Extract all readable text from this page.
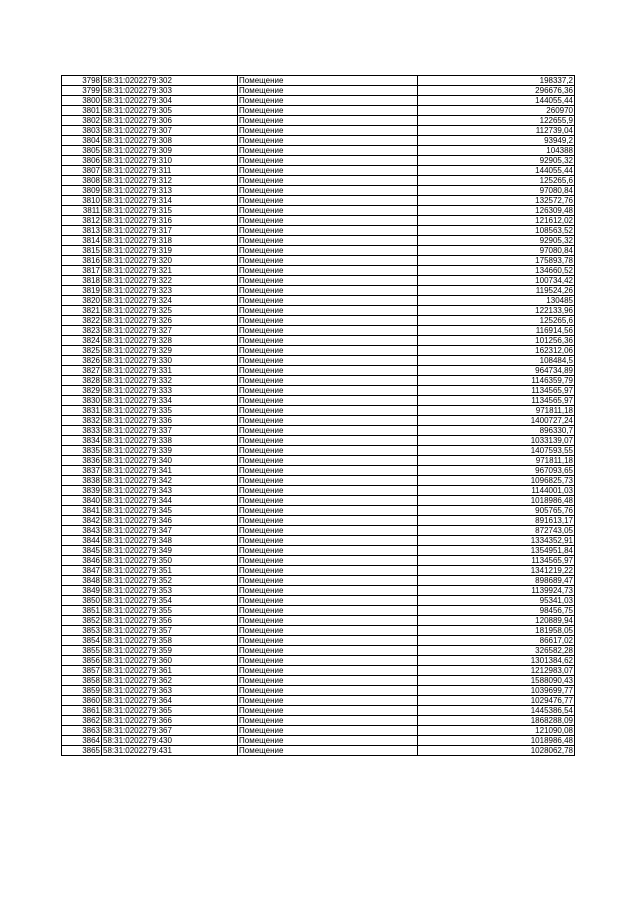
3798	58:31:0202279:302	Помещение	198337,2
3799	58:31:0202279:303	Помещение	296676,36
3800	58:31:0202279:304	Помещение	144055,44
3801	58:31:0202279:305	Помещение	260970
3802	58:31:0202279:306	Помещение	122655,9
3803	58:31:0202279:307	Помещение	112739,04
3804	58:31:0202279:308	Помещение	93949,2
3805	58:31:0202279:309	Помещение	104388
3806	58:31:0202279:310	Помещение	92905,32
3807	58:31:0202279:311	Помещение	144055,44
3808	58:31:0202279:312	Помещение	125265,6
3809	58:31:0202279:313	Помещение	97080,84
3810	58:31:0202279:314	Помещение	132572,76
3811	58:31:0202279:315	Помещение	126309,48
3812	58:31:0202279:316	Помещение	121612,02
3813	58:31:0202279:317	Помещение	108563,52
3814	58:31:0202279:318	Помещение	92905,32
3815	58:31:0202279:319	Помещение	97080,84
3816	58:31:0202279:320	Помещение	175893,78
3817	58:31:0202279:321	Помещение	134660,52
3818	58:31:0202279:322	Помещение	100734,42
3819	58:31:0202279:323	Помещение	119524,26
3820	58:31:0202279:324	Помещение	130485
3821	58:31:0202279:325	Помещение	122133,96
3822	58:31:0202279:326	Помещение	125265,6
3823	58:31:0202279:327	Помещение	116914,56
3824	58:31:0202279:328	Помещение	101256,36
3825	58:31:0202279:329	Помещение	162312,06
3826	58:31:0202279:330	Помещение	108484,5
3827	58:31:0202279:331	Помещение	964734,89
3828	58:31:0202279:332	Помещение	1146359,79
3829	58:31:0202279:333	Помещение	1134565,97
3830	58:31:0202279:334	Помещение	1134565,97
3831	58:31:0202279:335	Помещение	971811,18
3832	58:31:0202279:336	Помещение	1400727,24
3833	58:31:0202279:337	Помещение	896330,7
3834	58:31:0202279:338	Помещение	1033139,07
3835	58:31:0202279:339	Помещение	1407593,55
3836	58:31:0202279:340	Помещение	971811,18
3837	58:31:0202279:341	Помещение	967093,65
3838	58:31:0202279:342	Помещение	1096825,73
3839	58:31:0202279:343	Помещение	1144001,03
3840	58:31:0202279:344	Помещение	1018986,48
3841	58:31:0202279:345	Помещение	905765,76
3842	58:31:0202279:346	Помещение	891613,17
3843	58:31:0202279:347	Помещение	872743,05
3844	58:31:0202279:348	Помещение	1334352,91
3845	58:31:0202279:349	Помещение	1354951,84
3846	58:31:0202279:350	Помещение	1134565,97
3847	58:31:0202279:351	Помещение	1341219,22
3848	58:31:0202279:352	Помещение	898689,47
3849	58:31:0202279:353	Помещение	1139924,73
3850	58:31:0202279:354	Помещение	95341,03
3851	58:31:0202279:355	Помещение	98456,75
3852	58:31:0202279:356	Помещение	120889,94
3853	58:31:0202279:357	Помещение	181958,05
3854	58:31:0202279:358	Помещение	86617,02
3855	58:31:0202279:359	Помещение	326582,28
3856	58:31:0202279:360	Помещение	1301384,62
3857	58:31:0202279:361	Помещение	1212983,07
3858	58:31:0202279:362	Помещение	1588090,43
3859	58:31:0202279:363	Помещение	1039699,77
3860	58:31:0202279:364	Помещение	1029476,77
3861	58:31:0202279:365	Помещение	1445386,54
3862	58:31:0202279:366	Помещение	1868288,09
3863	58:31:0202279:367	Помещение	121090,08
3864	58:31:0202279:430	Помещение	1018986,48
3865	58:31:0202279:431	Помещение	1028062,78
